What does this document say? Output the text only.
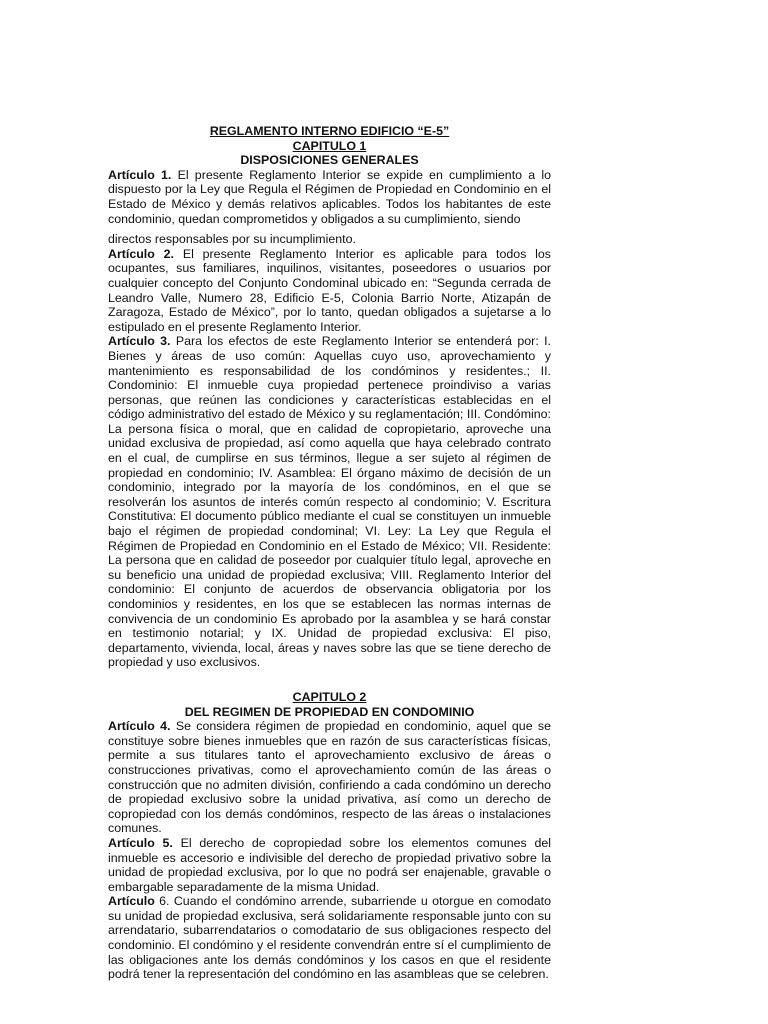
REGLAMENTO INTERNO EDIFICIO “E-5”

CAPITULO 1

DISPOSICIONES GENERALES

Artículo 1. El presente Reglamento Interior se expide en cumplimiento a lo dispuesto por la Ley que Regula el Régimen de Propiedad en Condominio en el Estado de México y demás relativos aplicables. Todos los habitantes de este condominio, quedan comprometidos y obligados a su cumplimiento, siendo

directos responsables por su incumplimiento.

Artículo 2. El presente Reglamento Interior es aplicable para todos los ocupantes, sus familiares, inquilinos, visitantes, poseedores o usuarios por cualquier concepto del Conjunto Condominal ubicado en: “Segunda cerrada de Leandro Valle, Numero 28, Edificio E-5, Colonia Barrio Norte, Atizapán de Zaragoza, Estado de México”, por lo tanto, quedan obligados a sujetarse a lo estipulado en el presente Reglamento Interior.

Artículo 3. Para los efectos de este Reglamento Interior se entenderá por: I. Bienes y áreas de uso común: Aquellas cuyo uso, aprovechamiento y mantenimiento es responsabilidad de los condóminos y residentes.; II. Condominio: El inmueble cuya propiedad pertenece proindiviso a varias personas, que reúnen las condiciones y características establecidas en el código administrativo del estado de México y su reglamentación; III. Condómino: La persona física o moral, que en calidad de copropietario, aproveche una unidad exclusiva de propiedad, así como aquella que haya celebrado contrato en el cual, de cumplirse en sus términos, llegue a ser sujeto al régimen de propiedad en condominio; IV. Asamblea: El órgano máximo de decisión de un condominio, integrado por la mayoría de los condóminos, en el que se resolverán los asuntos de interés común respecto al condominio; V. Escritura Constitutiva: El documento público mediante el cual se constituyen un inmueble bajo el régimen de propiedad condominal; VI. Ley: La Ley que Regula el Régimen de Propiedad en Condominio en el Estado de México; VII. Residente: La persona que en calidad de poseedor por cualquier título legal, aproveche en su beneficio una unidad de propiedad exclusiva; VIII. Reglamento Interior del condominio: El conjunto de acuerdos de observancia obligatoria por los condominios y residentes, en los que se establecen las normas internas de convivencia de un condominio Es aprobado por la asamblea y se hará constar en testimonio notarial; y IX. Unidad de propiedad exclusiva: El piso, departamento, vivienda, local, áreas y naves sobre las que se tiene derecho de propiedad y uso exclusivos.

CAPITULO 2

DEL REGIMEN DE PROPIEDAD EN CONDOMINIO

Artículo 4. Se considera régimen de propiedad en condominio, aquel que se constituye sobre bienes inmuebles que en razón de sus características físicas, permite a sus titulares tanto el aprovechamiento exclusivo de áreas o construcciones privativas, como el aprovechamiento común de las áreas o construcción que no admiten división, confiriendo a cada condómino un derecho de propiedad exclusivo sobre la unidad privativa, así como un derecho de copropiedad con los demás condóminos, respecto de las áreas o instalaciones comunes.

Artículo 5. El derecho de copropiedad sobre los elementos comunes del inmueble es accesorio e indivisible del derecho de propiedad privativo sobre la unidad de propiedad exclusiva, por lo que no podrá ser enajenable, gravable o embargable separadamente de la misma Unidad.

Artículo 6. Cuando el condómino arrende, subarriende u otorgue en comodato su unidad de propiedad exclusiva, será solidariamente responsable junto con su arrendatario, subarrendatarios o comodatario de sus obligaciones respecto del condominio. El condómino y el residente convendrán entre sí el cumplimiento de las obligaciones ante los demás condóminos y los casos en que el residente podrá tener la representación del condómino en las asambleas que se celebren.
